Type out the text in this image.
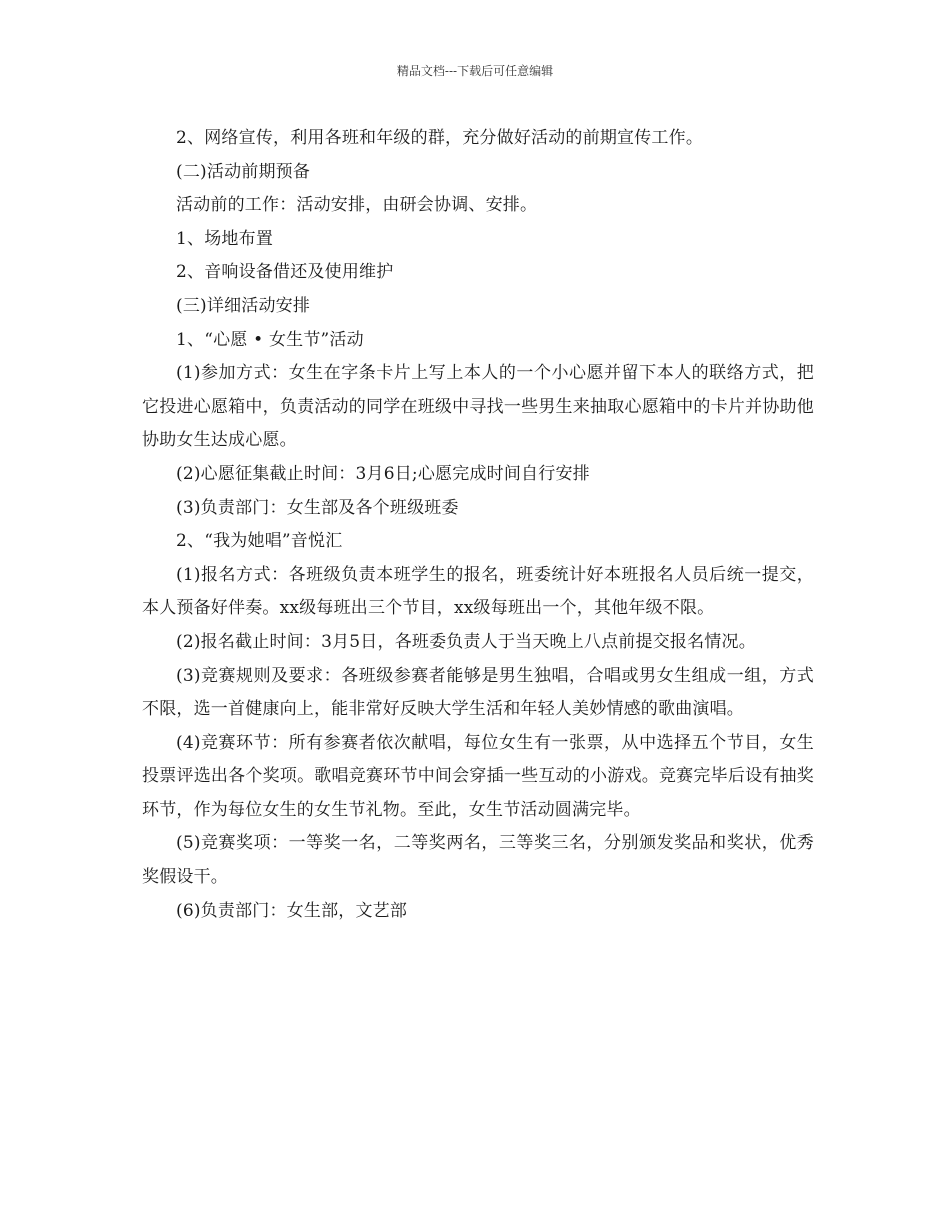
精品文档---下载后可任意编辑

2、网络宣传，利用各班和年级的群，充分做好活动的前期宣传工作。

(二)活动前期预备

活动前的工作：活动安排，由研会协调、安排。

1、场地布置

2、音响设备借还及使用维护

(三)详细活动安排

1、“心愿 • 女生节”活动

(1)参加方式：女生在字条卡片上写上本人的一个小心愿并留下本人的联络方式，把它投进心愿箱中，负责活动的同学在班级中寻找一些男生来抽取心愿箱中的卡片并协助他协助女生达成心愿。

(2)心愿征集截止时间：3月6日;心愿完成时间自行安排

(3)负责部门：女生部及各个班级班委

2、“我为她唱”音悦汇

(1)报名方式：各班级负责本班学生的报名，班委统计好本班报名人员后统一提交，本人预备好伴奏。xx级每班出三个节目，xx级每班出一个，其他年级不限。

(2)报名截止时间：3月5日，各班委负责人于当天晚上八点前提交报名情况。

(3)竞赛规则及要求：各班级参赛者能够是男生独唱，合唱或男女生组成一组，方式不限，选一首健康向上，能非常好反映大学生活和年轻人美妙情感的歌曲演唱。

(4)竞赛环节：所有参赛者依次献唱，每位女生有一张票，从中选择五个节目，女生投票评选出各个奖项。歌唱竞赛环节中间会穿插一些互动的小游戏。竞赛完毕后设有抽奖环节，作为每位女生的女生节礼物。至此，女生节活动圆满完毕。

(5)竞赛奖项：一等奖一名，二等奖两名，三等奖三名，分别颁发奖品和奖状，优秀奖假设干。

(6)负责部门：女生部，文艺部
